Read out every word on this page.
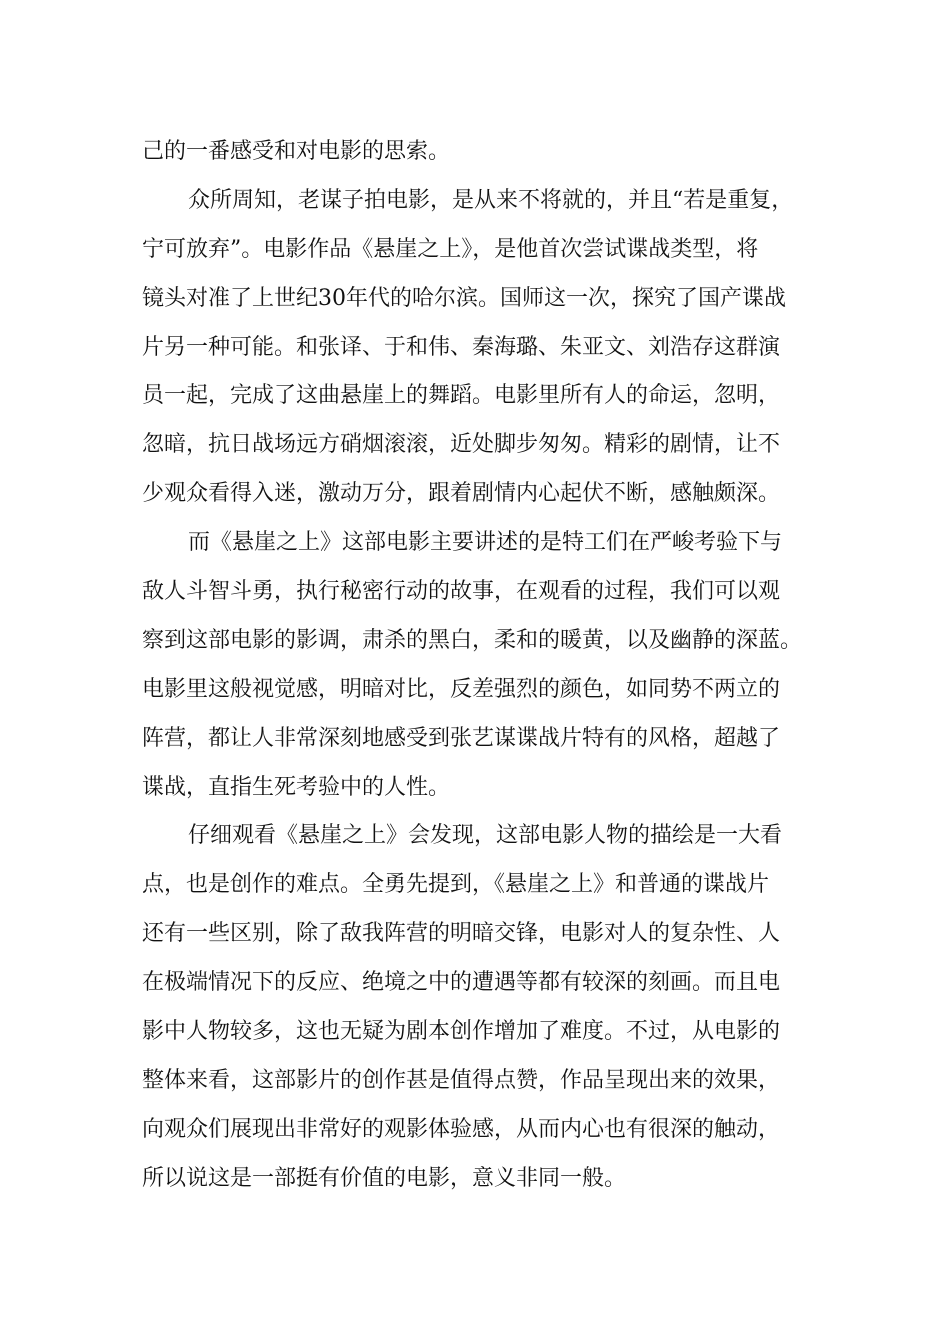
己的一番感受和对电影的思索。
众所周知，老谋子拍电影，是从来不将就的，并且“若是重复，
宁可放弃”。电影作品《悬崖之上》，是他首次尝试谍战类型，将
镜头对准了上世纪30年代的哈尔滨。国师这一次，探究了国产谍战
片另一种可能。和张译、于和伟、秦海璐、朱亚文、刘浩存这群演
员一起，完成了这曲悬崖上的舞蹈。电影里所有人的命运，忽明，
忽暗，抗日战场远方硝烟滚滚，近处脚步匆匆。精彩的剧情，让不
少观众看得入迷，激动万分，跟着剧情内心起伏不断，感触颇深。
而《悬崖之上》这部电影主要讲述的是特工们在严峻考验下与
敌人斗智斗勇，执行秘密行动的故事，在观看的过程，我们可以观
察到这部电影的影调，肃杀的黑白，柔和的暖黄，以及幽静的深蓝。
电影里这般视觉感，明暗对比，反差强烈的颜色，如同势不两立的
阵营，都让人非常深刻地感受到张艺谋谍战片特有的风格，超越了
谍战，直指生死考验中的人性。
仔细观看《悬崖之上》会发现，这部电影人物的描绘是一大看
点，也是创作的难点。全勇先提到，《悬崖之上》和普通的谍战片
还有一些区别，除了敌我阵营的明暗交锋，电影对人的复杂性、人
在极端情况下的反应、绝境之中的遭遇等都有较深的刻画。而且电
影中人物较多，这也无疑为剧本创作增加了难度。不过，从电影的
整体来看，这部影片的创作甚是值得点赞，作品呈现出来的效果，
向观众们展现出非常好的观影体验感，从而内心也有很深的触动，
所以说这是一部挺有价值的电影，意义非同一般。
